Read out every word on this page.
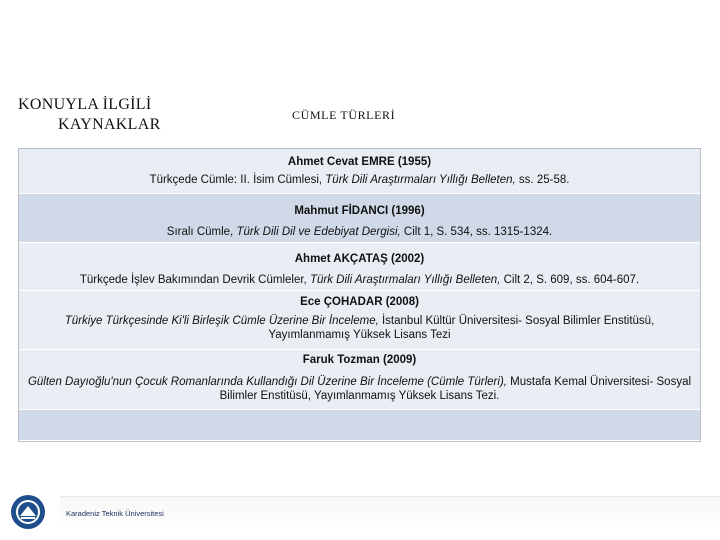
KONUYLA İLGİLİ
KAYNAKLAR
CÜMLE TÜRLERİ
Ahmet Cevat EMRE (1955)
Türkçede Cümle: II. İsim Cümlesi, Türk Dili Araştırmaları Yıllığı Belleten, ss. 25-58.
Mahmut FİDANCI (1996)
Sıralı Cümle, Türk Dili Dil ve Edebiyat Dergisi, Cilt 1, S. 534, ss. 1315-1324.
Ahmet AKÇATAŞ (2002)
Türkçede İşlev Bakımından Devrik Cümleler, Türk Dili Araştırmaları Yıllığı Belleten, Cilt 2, S. 609, ss. 604-607.
Ece ÇOHADAR (2008)
Türkiye Türkçesinde Ki'li Birleşik Cümle Üzerine Bir İnceleme, İstanbul Kültür Üniversitesi- Sosyal Bilimler Enstitüsü, Yayımlanmamış Yüksek Lisans Tezi
Faruk Tozman (2009)
Gülten Dayıoğlu'nun Çocuk Romanlarında Kullandığı Dil Üzerine Bir İnceleme (Cümle Türleri), Mustafa Kemal Üniversitesi- Sosyal Bilimler Enstitüsü, Yayımlanmamış Yüksek Lisans Tezi.
Karadeniz Teknik Üniversitesi
